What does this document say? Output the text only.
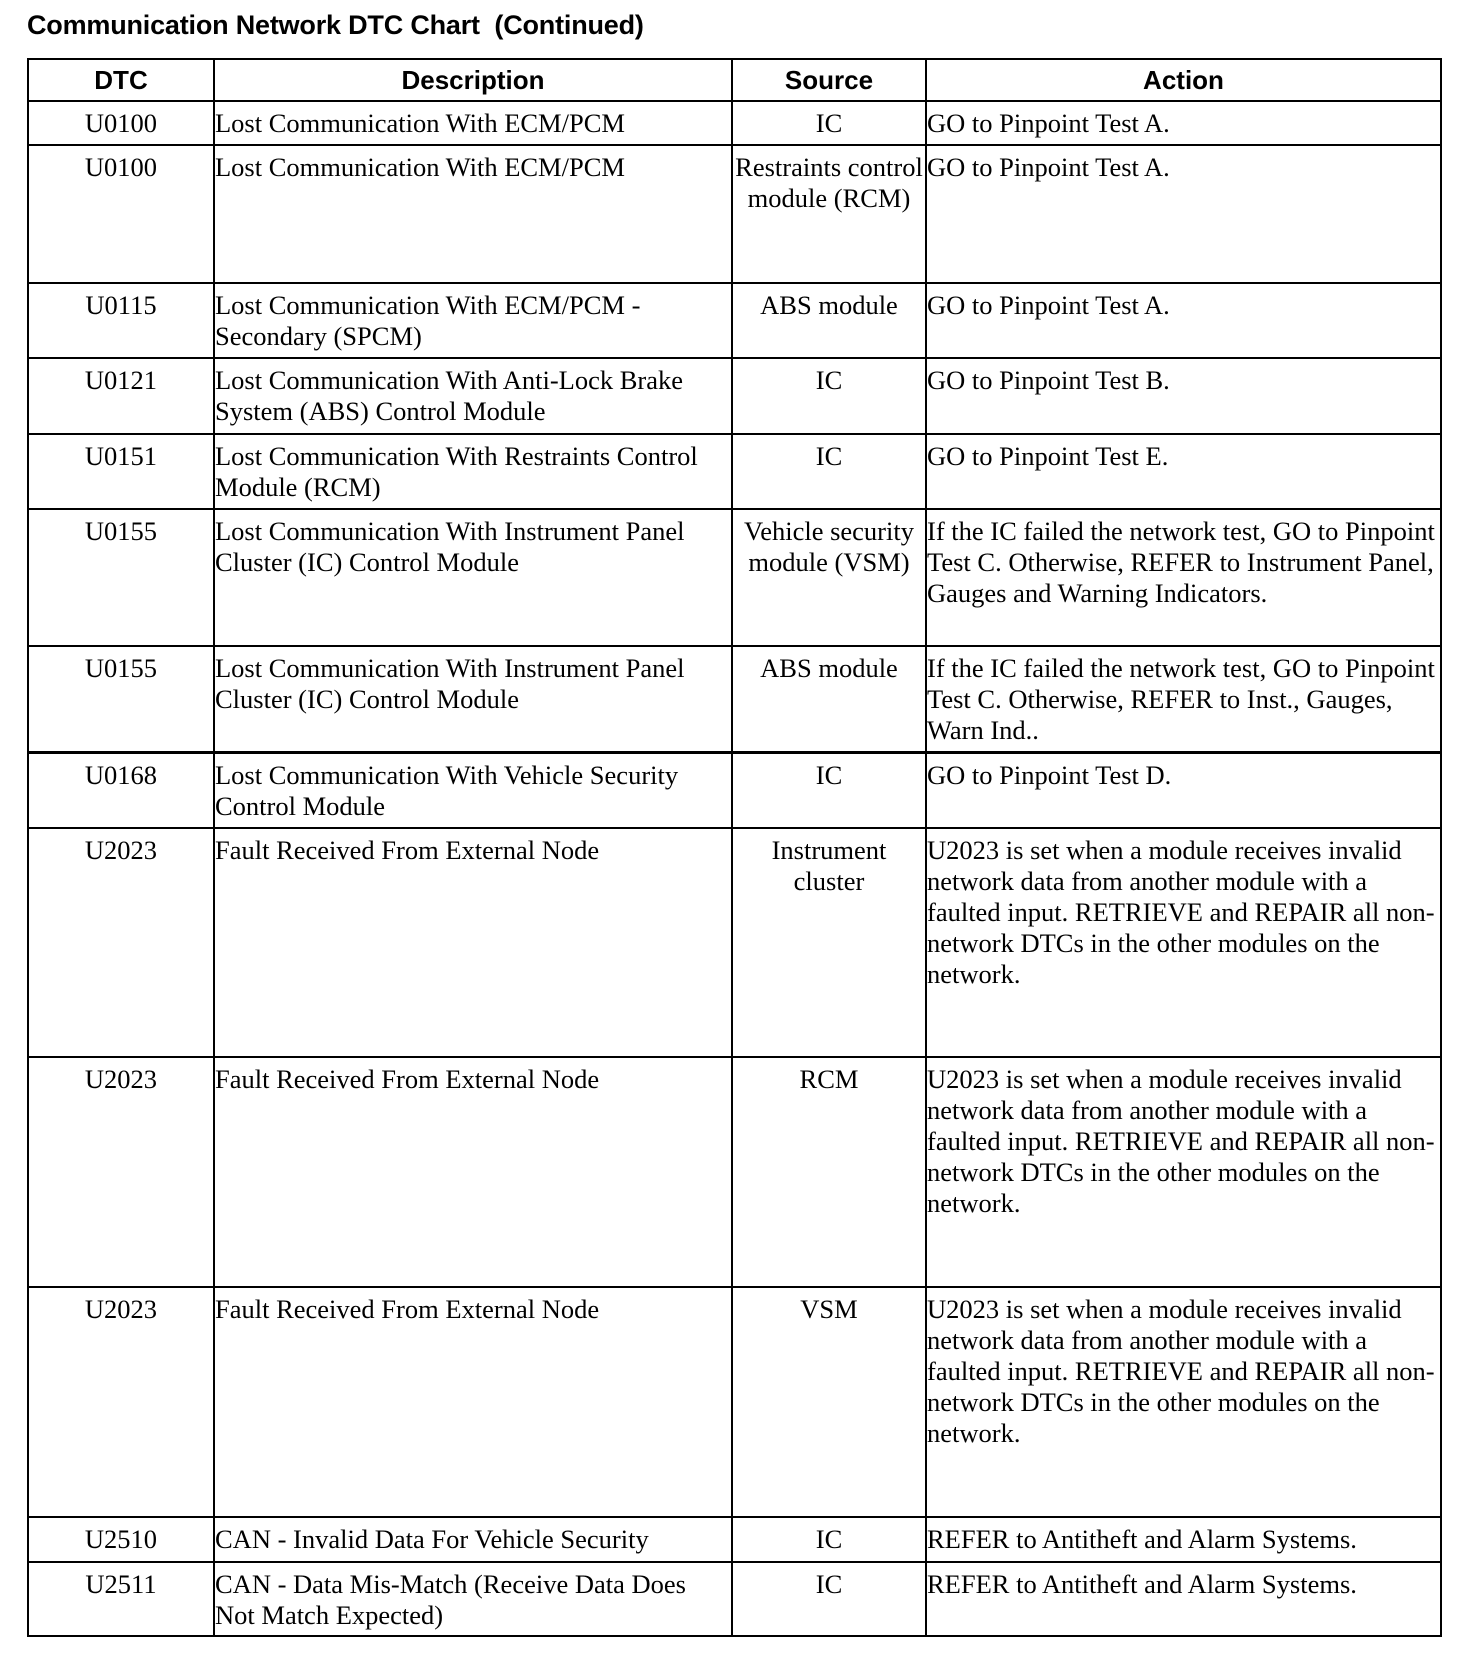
Communication Network DTC Chart  (Continued)
DTC	Description	Source	Action
U0100	Lost Communication With ECM/PCM	IC	GO to Pinpoint Test A.
U0100	Lost Communication With ECM/PCM	Restraints control module (RCM)	GO to Pinpoint Test A.
U0115	Lost Communication With ECM/PCM - Secondary (SPCM)	ABS module	GO to Pinpoint Test A.
U0121	Lost Communication With Anti-Lock Brake System (ABS) Control Module	IC	GO to Pinpoint Test B.
U0151	Lost Communication With Restraints Control Module (RCM)	IC	GO to Pinpoint Test E.
U0155	Lost Communication With Instrument Panel Cluster (IC) Control Module	Vehicle security module (VSM)	If the IC failed the network test, GO to Pinpoint Test C. Otherwise, REFER to Instrument Panel, Gauges and Warning Indicators.
U0155	Lost Communication With Instrument Panel Cluster (IC) Control Module	ABS module	If the IC failed the network test, GO to Pinpoint Test C. Otherwise, REFER to Inst., Gauges, Warn Ind..
U0168	Lost Communication With Vehicle Security Control Module	IC	GO to Pinpoint Test D.
U2023	Fault Received From External Node	Instrument cluster	U2023 is set when a module receives invalid network data from another module with a faulted input. RETRIEVE and REPAIR all non-network DTCs in the other modules on the network.
U2023	Fault Received From External Node	RCM	U2023 is set when a module receives invalid network data from another module with a faulted input. RETRIEVE and REPAIR all non-network DTCs in the other modules on the network.
U2023	Fault Received From External Node	VSM	U2023 is set when a module receives invalid network data from another module with a faulted input. RETRIEVE and REPAIR all non-network DTCs in the other modules on the network.
U2510	CAN - Invalid Data For Vehicle Security	IC	REFER to Antitheft and Alarm Systems.
U2511	CAN - Data Mis-Match (Receive Data Does Not Match Expected)	IC	REFER to Antitheft and Alarm Systems.
